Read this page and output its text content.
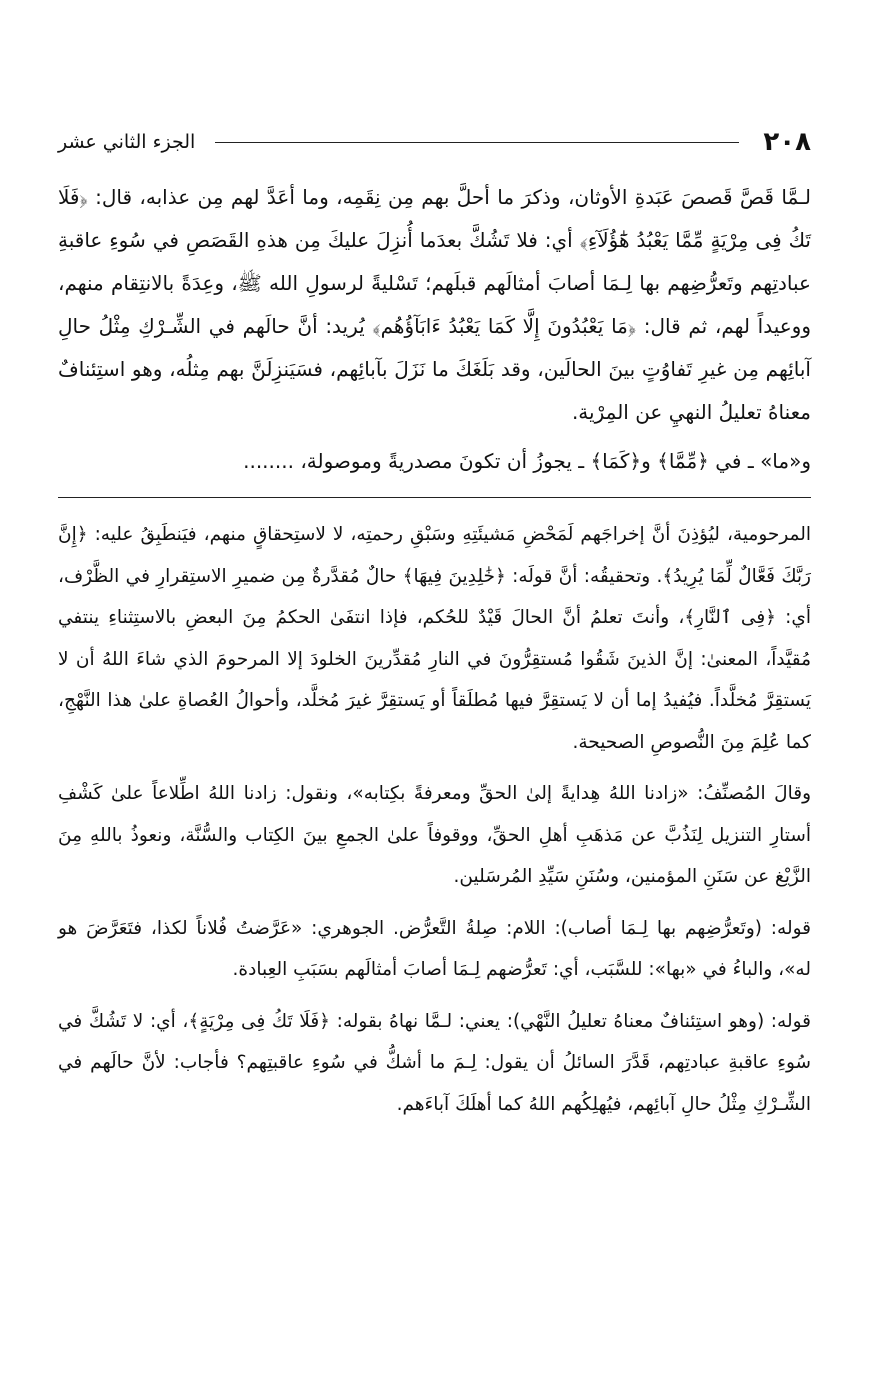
٢٠٨
الجزء الثاني عشر

لـمَّا قَصَّ قَصصَ عَبَدةِ الأوثان، وذكرَ ما أحلَّ بهم مِن نِقَمِه، وما أعَدَّ لهم مِن عذابه، قال: ﴿فَلَا تَكُ فِى مِرْيَةٍ مِّمَّا يَعْبُدُ هَٰٓؤُلَآءِ﴾ أي: فلا تَشُكَّ بعدَما أُنزِلَ عليكَ مِن هذهِ القَصَصِ في سُوءِ عاقبةِ عبادتِهم وتَعرُّضِهم بها لِـمَا أصابَ أمثالَهم قبلَهم؛ تَسْليةً لرسولِ الله ﷺ، وعِدَةً بالانتِقام منهم، ووعيداً لهم، ثم قال: ﴿مَا يَعْبُدُونَ إِلَّا كَمَا يَعْبُدُ ءَابَآؤُهُم﴾ يُريد: أنَّ حالَهم في الشِّـرْكِ مِثْلُ حالِ آبائِهم مِن غيرِ تَفاوُتٍ بينَ الحالَين، وقد بَلَغَكَ ما نَزَلَ بآبائِهم، فسَيَنزِلَنَّ بهم مِثلُه، وهو استِئنافٌ معناهُ تعليلُ النهيِ عن المِرْية.

و«ما» ـ في ﴿مِّمَّا﴾ و﴿كَمَا﴾ ـ يجوزُ أن تكونَ مصدريةً وموصولة، ........

المرحومية، ليُؤذِنَ أنَّ إخراجَهم لَمَحْضِ مَشيئَتِهِ وسَبْقِ رحمتِه، لا لاستِحقاقٍ منهم، فيَنطَبِقُ عليه: ﴿إِنَّ رَبَّكَ فَعَّالٌ لِّمَا يُرِيدُ﴾. وتحقيقُه: أنَّ قولَه: ﴿خَٰلِدِينَ فِيهَا﴾ حالٌ مُقدَّرةٌ مِن ضميرِ الاستِقرارِ في الظَّرْف، أي: ﴿فِى ٱلنَّارِ﴾، وأنتَ تعلمُ أنَّ الحالَ قَيْدٌ للحُكم، فإذا انتفَىٰ الحكمُ مِنَ البعضِ بالاستِثناءِ ينتفي مُقيَّداً، المعنىٰ: إنَّ الذينَ شَقُوا مُستقِرُّونَ في النارِ مُقدِّرينَ الخلودَ إلا المرحومَ الذي شاءَ اللهُ أن لا يَستقِرَّ مُخلَّداً. فيُفيدُ إما أن لا يَستقِرَّ فيها مُطلَقاً أو يَستقِرَّ غيرَ مُخلَّد، وأحوالُ العُصاةِ علىٰ هذا النَّهْجِ، كما عُلِمَ مِنَ النُّصوصِ الصحيحة.

وقالَ المُصنِّفُ: «زادنا اللهُ هِدايةً إلىٰ الحقِّ ومعرفةً بكِتابه»، ونقول: زادنا اللهُ اطِّلاعاً علىٰ كَشْفِ أستارِ التنزيل لِنَذُبَّ عن مَذهَبِ أهلِ الحقِّ، ووقوفاً علىٰ الجمعِ بينَ الكِتاب والسُّنَّة، ونعوذُ باللهِ مِنَ الزَّيْغ عن سَنَنِ المؤمنين، وسُنَنِ سَيِّدِ المُرسَلين.

قوله: (وتَعرُّضِهم بها لِـمَا أصاب): اللام: صِلةُ التَّعرُّض. الجوهري: «عَرَّضتُ فُلاناً لكذا، فتَعَرَّضَ هو له»، والباءُ في «بها»: للسَّبَب، أي: تَعرُّضهم لِـمَا أصابَ أمثالَهم بسَبَبِ العِبادة.

قوله: (وهو استِئنافٌ معناهُ تعليلُ النَّهْي): يعني: لـمَّا نهاهُ بقوله: ﴿فَلَا تَكُ فِى مِرْيَةٍ﴾، أي: لا تَشُكَّ في سُوءِ عاقبةِ عبادتِهم، قَدَّرَ السائلُ أن يقول: لِـمَ ما أشكُّ في سُوءِ عاقبتِهم؟ فأجاب: لأنَّ حالَهم في الشِّـرْكِ مِثْلُ حالِ آبائِهم، فيُهلِكُهم اللهُ كما أهلَكَ آباءَهم.
